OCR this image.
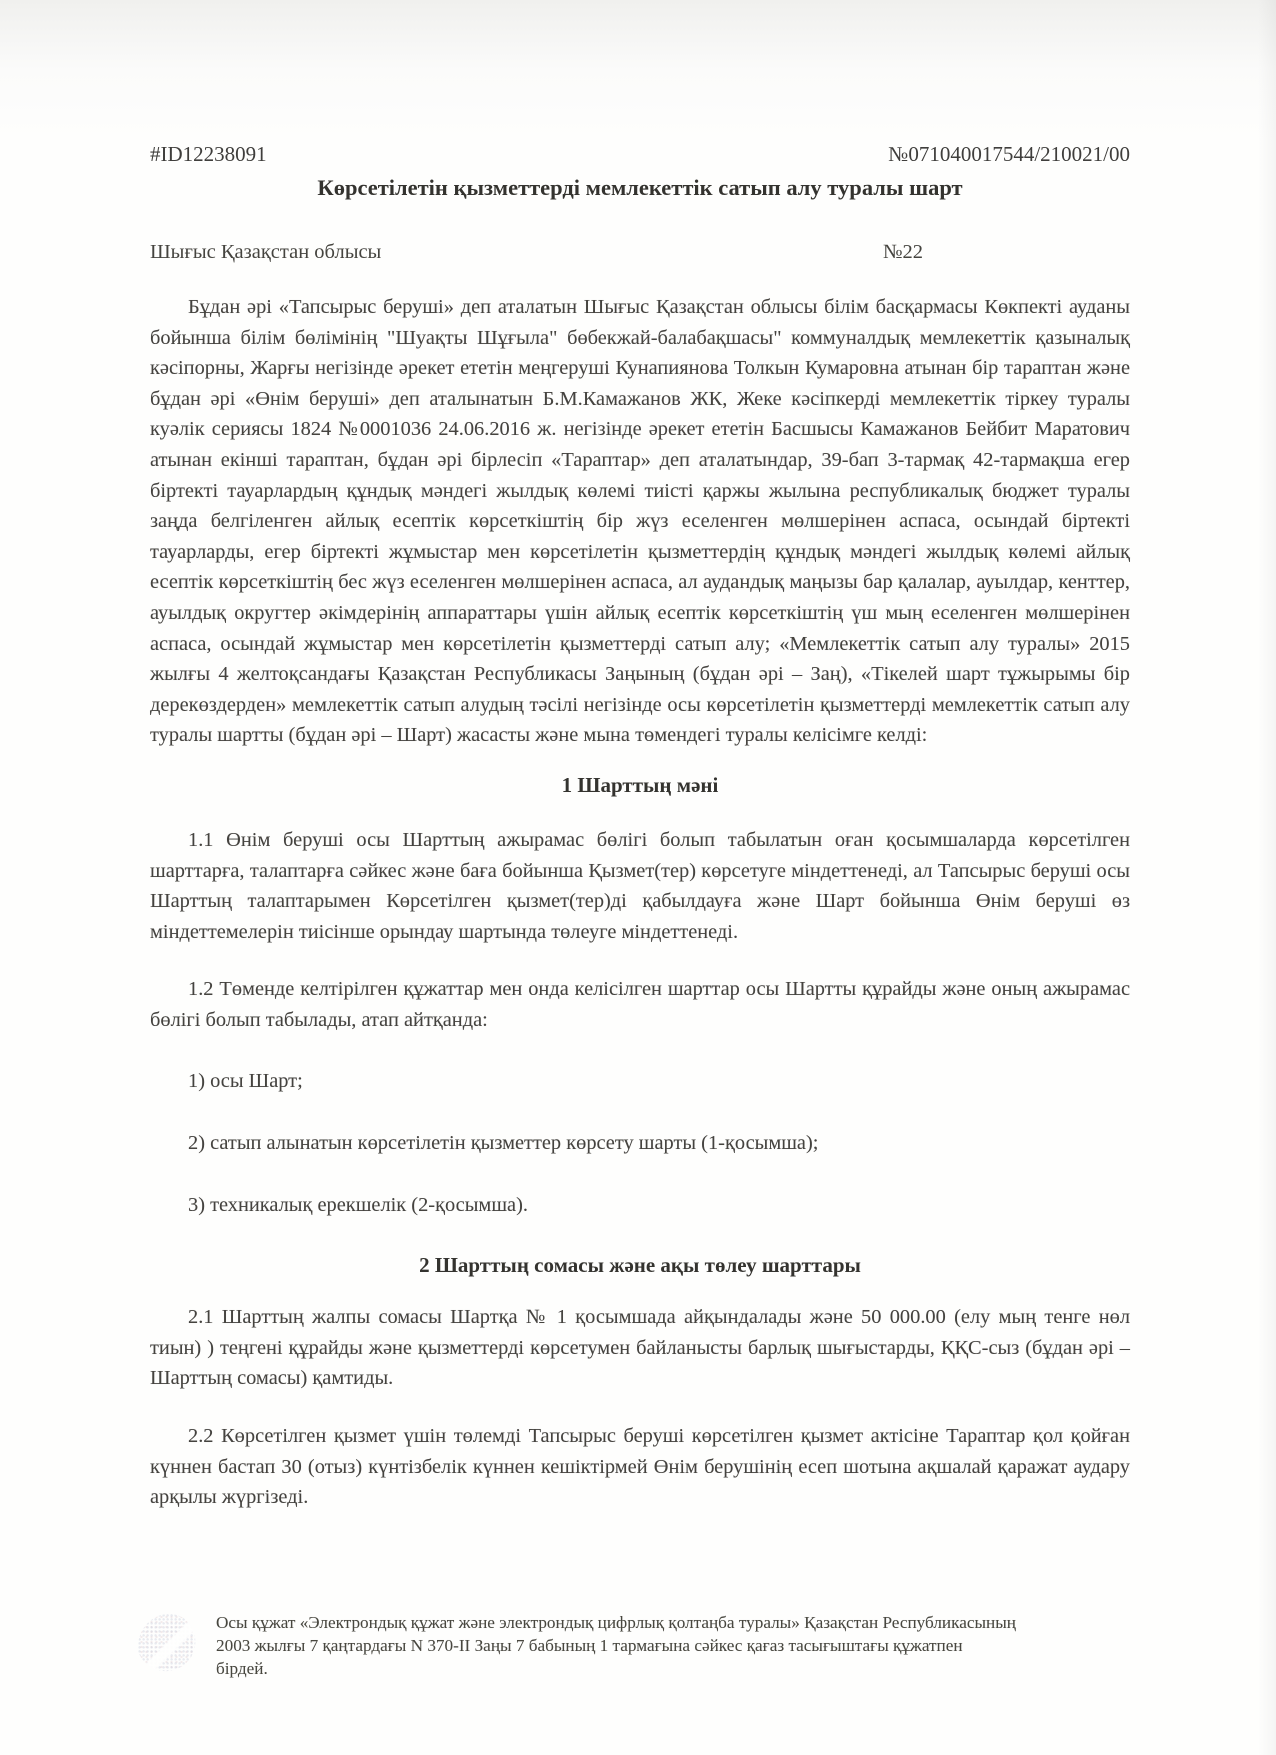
#ID12238091	№071040017544/210021/00
Көрсетілетін қызметтерді мемлекеттік сатып алу туралы шарт
Шығыс Қазақстан облысы	№22

Бұдан әрі «Тапсырыс беруші» деп аталатын Шығыс Қазақстан облысы білім басқармасы Көкпекті ауданы бойынша білім бөлімінің "Шуақты Шұғыла" бөбекжай-балабақшасы" коммуналдық мемлекеттік қазыналық кәсіпорны, Жарғы негізінде әрекет ететін меңгеруші Кунапиянова Толкын Кумаровна атынан бір тараптан және бұдан әрі «Өнім беруші» деп аталынатын Б.М.Камажанов ЖК, Жеке кәсіпкерді мемлекеттік тіркеу туралы куәлік сериясы 1824 №0001036 24.06.2016 ж. негізінде әрекет ететін Басшысы Камажанов Бейбит Маратович атынан екінші тараптан, бұдан әрі бірлесіп «Тараптар» деп аталатындар, 39-бап 3-тармақ 42-тармақша егер біртекті тауарлардың құндық мәндегі жылдық көлемі тиісті қаржы жылына республикалық бюджет туралы заңда белгіленген айлық есептік көрсеткіштің бір жүз еселенген мөлшерінен аспаса, осындай біртекті тауарларды, егер біртекті жұмыстар мен көрсетілетін қызметтердің құндық мәндегі жылдық көлемі айлық есептік көрсеткіштің бес жүз еселенген мөлшерінен аспаса, ал аудандық маңызы бар қалалар, ауылдар, кенттер, ауылдық округтер әкімдерінің аппараттары үшін айлық есептік көрсеткіштің үш мың еселенген мөлшерінен аспаса, осындай жұмыстар мен көрсетілетін қызметтерді сатып алу; «Мемлекеттік сатып алу туралы» 2015 жылғы 4 желтоқсандағы Қазақстан Республикасы Заңының (бұдан әрі – Заң), «Тікелей шарт тұжырымы бір дерекөздерден» мемлекеттік сатып алудың тәсілі негізінде осы көрсетілетін қызметтерді мемлекеттік сатып алу туралы шартты (бұдан әрі – Шарт) жасасты және мына төмендегі туралы келісімге келді:

1 Шарттың мәні

1.1 Өнім беруші осы Шарттың ажырамас бөлігі болып табылатын оған қосымшаларда көрсетілген шарттарға, талаптарға сәйкес және баға бойынша Қызмет(тер) көрсетуге міндеттенеді, ал Тапсырыс беруші осы Шарттың талаптарымен Көрсетілген қызмет(тер)ді қабылдауға және Шарт бойынша Өнім беруші өз міндеттемелерін тиісінше орындау шартында төлеуге міндеттенеді.

1.2 Төменде келтірілген құжаттар мен онда келісілген шарттар осы Шартты құрайды және оның ажырамас бөлігі болып табылады, атап айтқанда:

1) осы Шарт;

2) сатып алынатын көрсетілетін қызметтер көрсету шарты (1-қосымша);

3) техникалық ерекшелік (2-қосымша).

2 Шарттың сомасы және ақы төлеу шарттары

2.1 Шарттың жалпы сомасы Шартқа № 1 қосымшада айқындалады және 50 000.00 (елу мың тенге нөл тиын) ) теңгені құрайды және қызметтерді көрсетумен байланысты барлық шығыстарды, ҚҚС-сыз (бұдан әрі – Шарттың сомасы) қамтиды.

2.2 Көрсетілген қызмет үшін төлемді Тапсырыс беруші көрсетілген қызмет актісіне Тараптар қол қойған күннен бастап 30 (отыз) күнтізбелік күннен кешіктірмей Өнім берушінің есеп шотына ақшалай қаражат аудару арқылы жүргізеді.

Осы құжат «Электрондық құжат және электрондық цифрлық қолтаңба туралы» Қазақстан Республикасының 2003 жылғы 7 қаңтардағы N 370-II Заңы 7 бабының 1 тармағына сәйкес қағаз тасығыштағы құжатпен бірдей.
